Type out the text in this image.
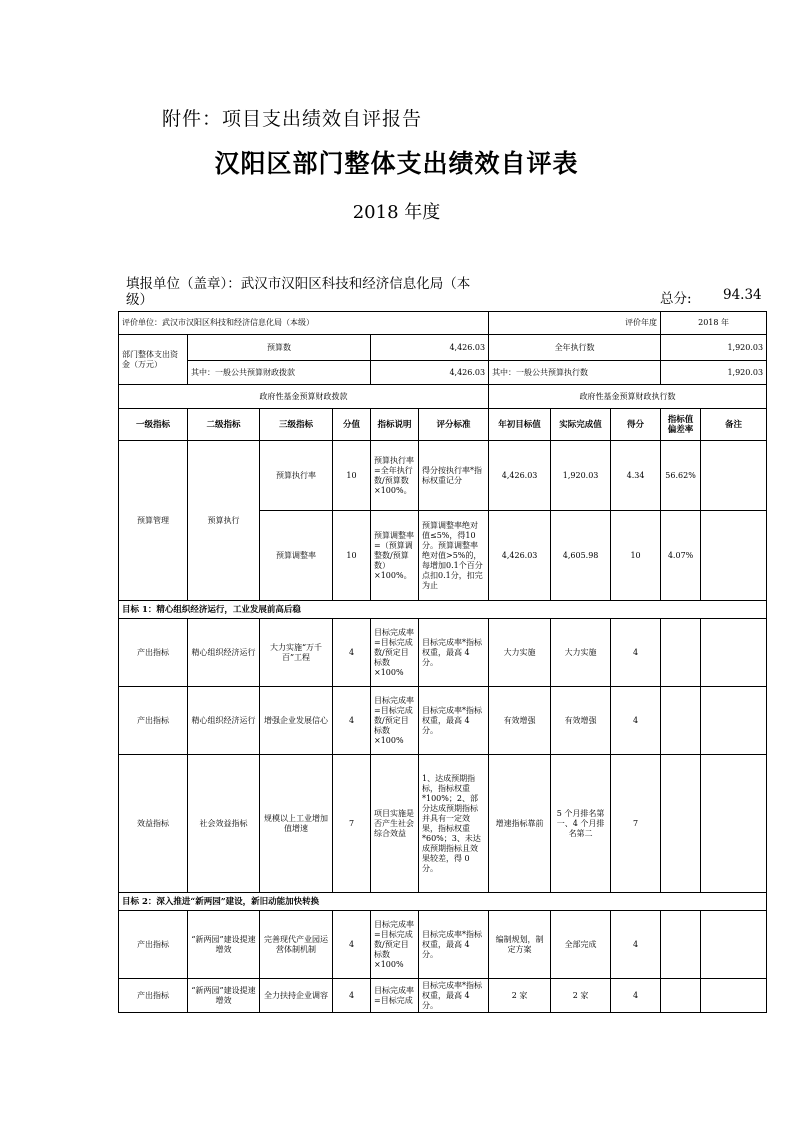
附件：项目支出绩效自评报告
汉阳区部门整体支出绩效自评表
2018 年度
填报单位（盖章）：武汉市汉阳区科技和经济信息化局（本级）	总分: 94.34
评价单位：武汉市汉阳区科技和经济信息化局（本级）						评价年度			2018 年	
部门整体支出资金（万元）	预算数			4,426.03		全年执行数			1,920.03	
	其中：一般公共预算财政拨款			4,426.03		其中：一般公共预算执行数			1,920.03	
政府性基金预算财政拨款						政府性基金预算财政执行数				
一级指标	二级指标	三级指标	分值	指标说明	评分标准	年初目标值	实际完成值	得分	指标值偏差率	备注
预算管理	预算执行	预算执行率	10	预算执行率=全年执行数/预算数×100%。	得分按执行率*指标权重记分	4,426.03	1,920.03	4.34	56.62%	
		预算调整率	10	预算调整率=（预算调整数/预算数）×100%。	预算调整率绝对值≤5%，得10分。预算调整率绝对值>5%的，每增加0.1个百分点扣0.1分，扣完为止	4,426.03	4,605.98	10	4.07%	
目标 1：精心组织经济运行，工业发展前高后稳										
产出指标	精心组织经济运行	大力实施“万千百”工程	4	目标完成率=目标完成数/预定目标数×100%	目标完成率*指标权重，最高 4 分。	大力实施	大力实施	4		
产出指标	精心组织经济运行	增强企业发展信心	4	目标完成率=目标完成数/预定目标数×100%	目标完成率*指标权重，最高 4 分。	有效增强	有效增强	4		
效益指标	社会效益指标	规模以上工业增加值增速	7	项目实施是否产生社会综合效益	1、达成预期指标，指标权重*100%；2、部分达成预期指标并具有一定效果，指标权重*60%；3、未达成预期指标且效果较差，得 0 分。	增速指标靠前	5 个月排名第一、4 个月排名第二	7		
目标 2：深入推进“新两园”建设，新旧动能加快转换										
产出指标	“新两园”建设提速增效	完善现代产业园运营体制机制	4	目标完成率=目标完成数/预定目标数×100%	目标完成率*指标权重，最高 4 分。	编制规划，制定方案	全部完成	4		
产出指标	“新两园”建设提速增效	全力扶持企业调容	4	目标完成率=目标完成	目标完成率*指标权重，最高 4 分。	2 家	2 家	4		
